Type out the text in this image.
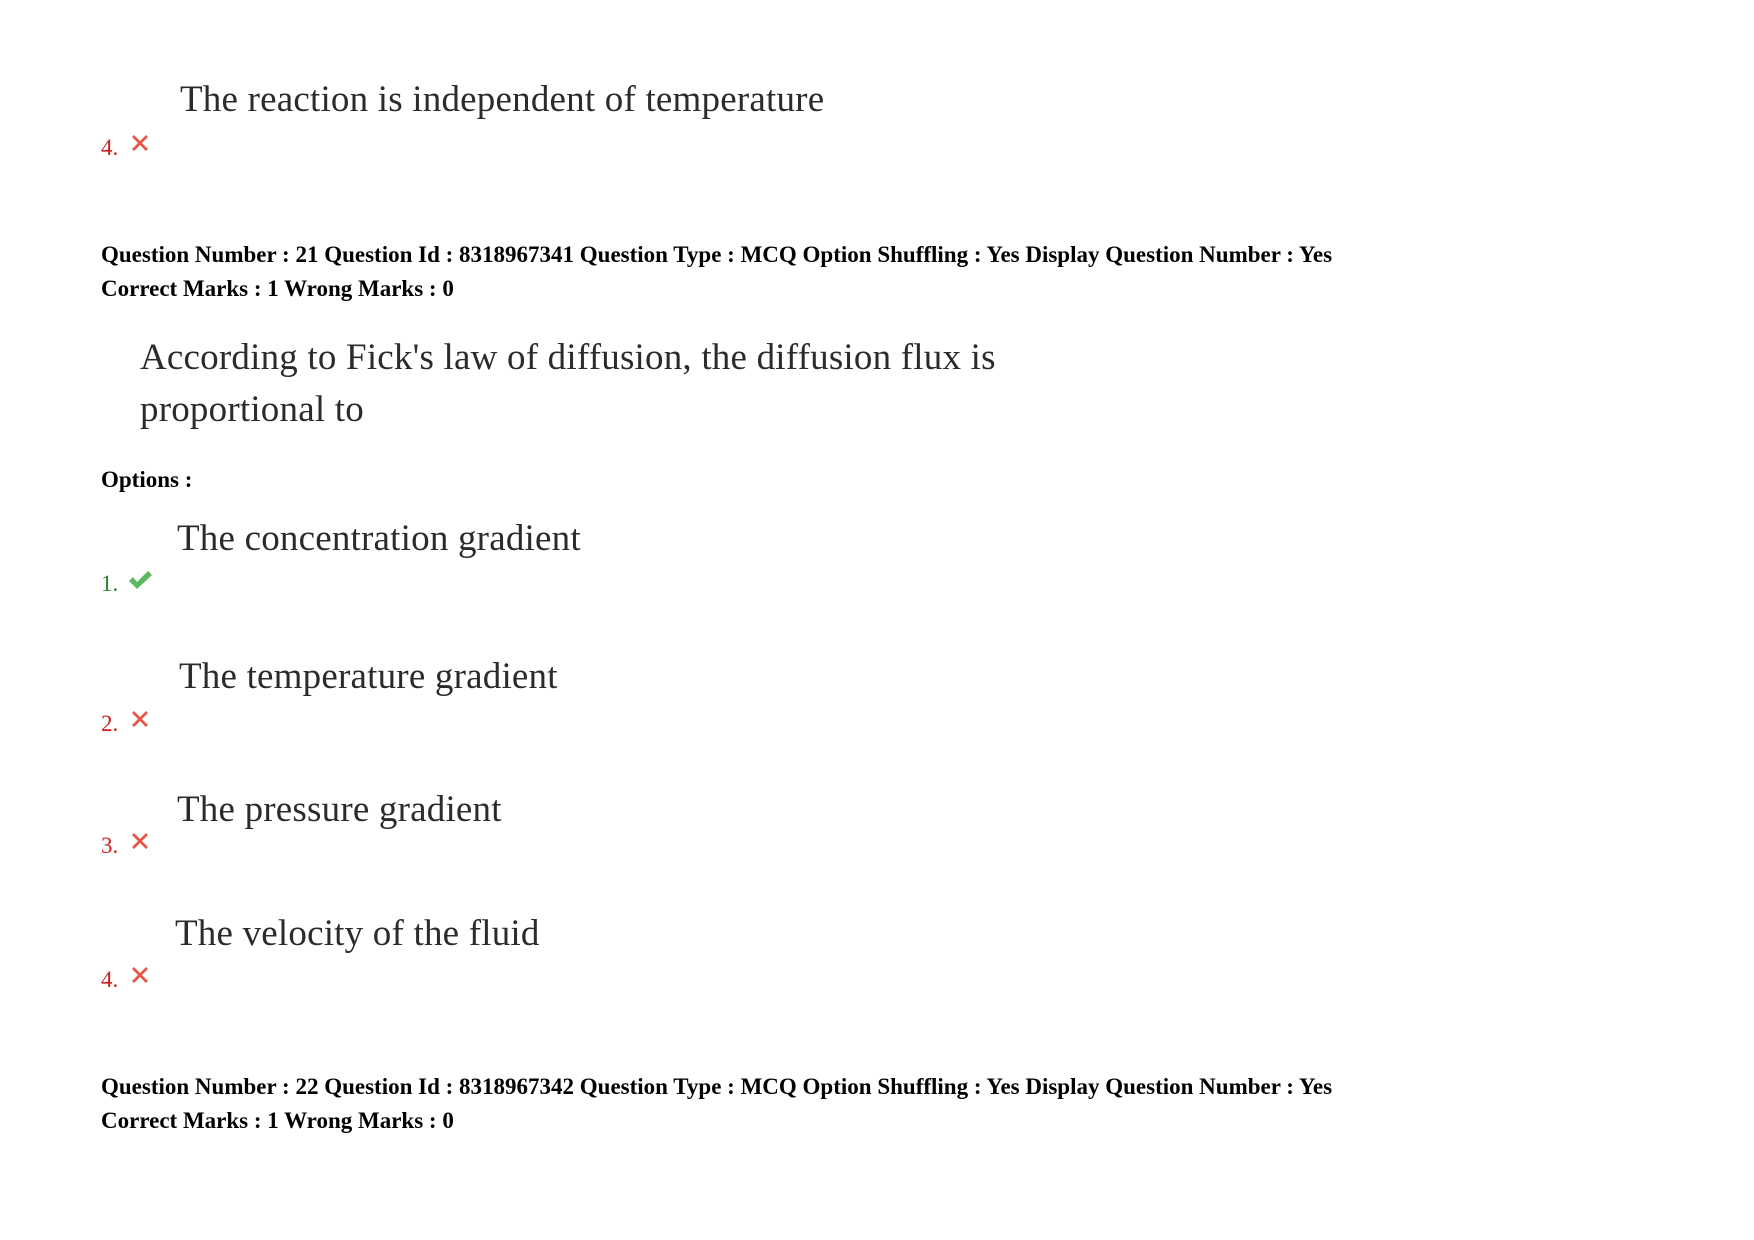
The reaction is independent of temperature
4.
Question Number : 21 Question Id : 8318967341 Question Type : MCQ Option Shuffling : Yes Display Question Number : Yes
Correct Marks : 1 Wrong Marks : 0
According to Fick's law of diffusion, the diffusion flux is
proportional to
Options :
The concentration gradient
1.
The temperature gradient
2.
The pressure gradient
3.
The velocity of the fluid
4.
Question Number : 22 Question Id : 8318967342 Question Type : MCQ Option Shuffling : Yes Display Question Number : Yes
Correct Marks : 1 Wrong Marks : 0
